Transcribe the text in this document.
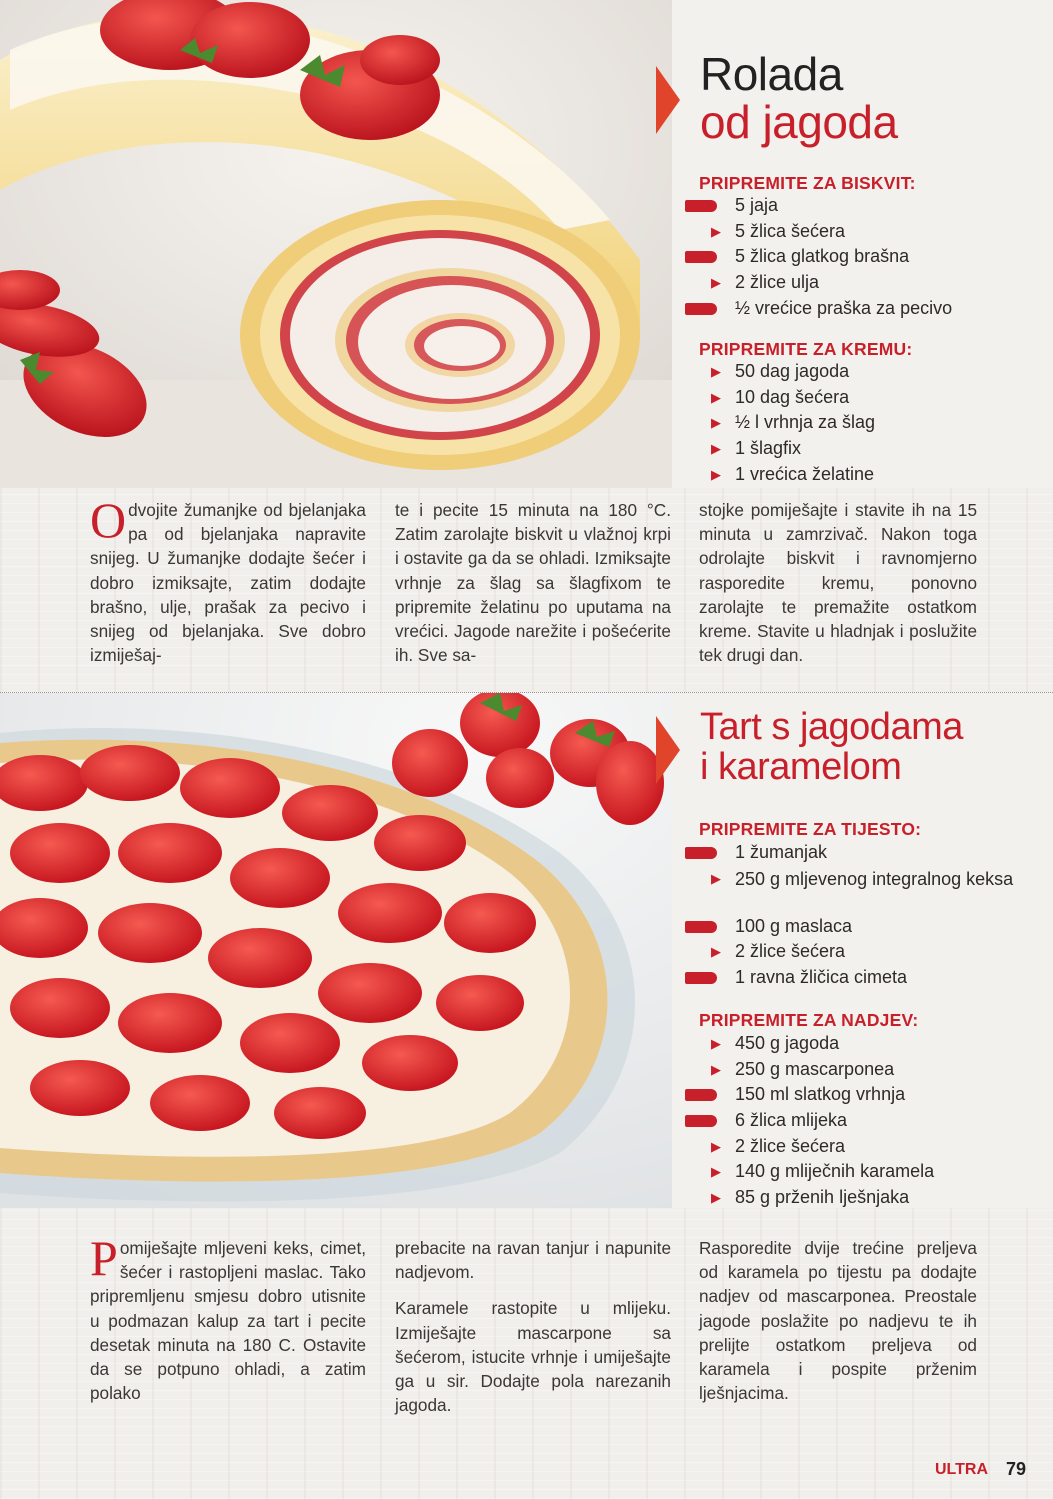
Rolada
od jagoda
PRIPREMITE ZA BISKVIT:
5 jaja
▶ 5 žlica šećera
5 žlica glatkog brašna
▶ 2 žlice ulja
½ vrećice praška za pecivo
PRIPREMITE ZA KREMU:
▶ 50 dag jagoda
▶ 10 dag šećera
▶ ½ l vrhnja za šlag
▶ 1 šlagfix
▶ 1 vrećica želatine
Odvojite žumanjke od bjelanjaka pa od bjelanjaka napravite snijeg. U žumanjke dodajte šećer i dobro izmiksajte, zatim dodajte brašno, ulje, prašak za pecivo i snijeg od bjelanjaka. Sve dobro izmiješaj-
te i pecite 15 minuta na 180 °C. Zatim zarolajte biskvit u vlažnoj krpi i ostavite ga da se ohladi. Izmiksajte vrhnje za šlag sa šlagfixom te pripremite želatinu po uputama na vrećici. Jagode narežite i pošećerite ih. Sve sa-
stojke pomiješajte i stavite ih na 15 minuta u zamrzivač. Nakon toga odrolajte biskvit i ravnomjerno rasporedite kremu, ponovno zarolajte te premažite ostatkom kreme. Stavite u hladnjak i poslužite tek drugi dan.
Tart s jagodama
i karamelom
PRIPREMITE ZA TIJESTO:
1 žumanjak
▶ 250 g mljevenog integralnog keksa
100 g maslaca
▶ 2 žlice šećera
1 ravna žličica cimeta
PRIPREMITE ZA NADJEV:
▶ 450 g jagoda
▶ 250 g mascarponea
150 ml slatkog vrhnja
6 žlica mlijeka
▶ 2 žlice šećera
▶ 140 g mliječnih karamela
▶ 85 g prženih lješnjaka
Pomiješajte mljeveni keks, cimet, šećer i rastopljeni maslac. Tako pripremljenu smjesu dobro utisnite u podmazan kalup za tart i pecite desetak minuta na 180 C. Ostavite da se potpuno ohladi, a zatim polako

prebacite na ravan tanjur i napunite nadjevom.

Karamele rastopite u mlijeku. Izmiješajte mascarpone sa šećerom, istucite vrhnje i umiješajte ga u sir. Dodajte pola narezanih jagoda.

Rasporedite dvije trećine preljeva od karamela po tijestu pa dodajte nadjev od mascarponea. Preostale jagode poslažite po nadjevu te ih prelijte ostatkom preljeva od karamela i pospite prženim lješnjacima.
ULTRA 79
